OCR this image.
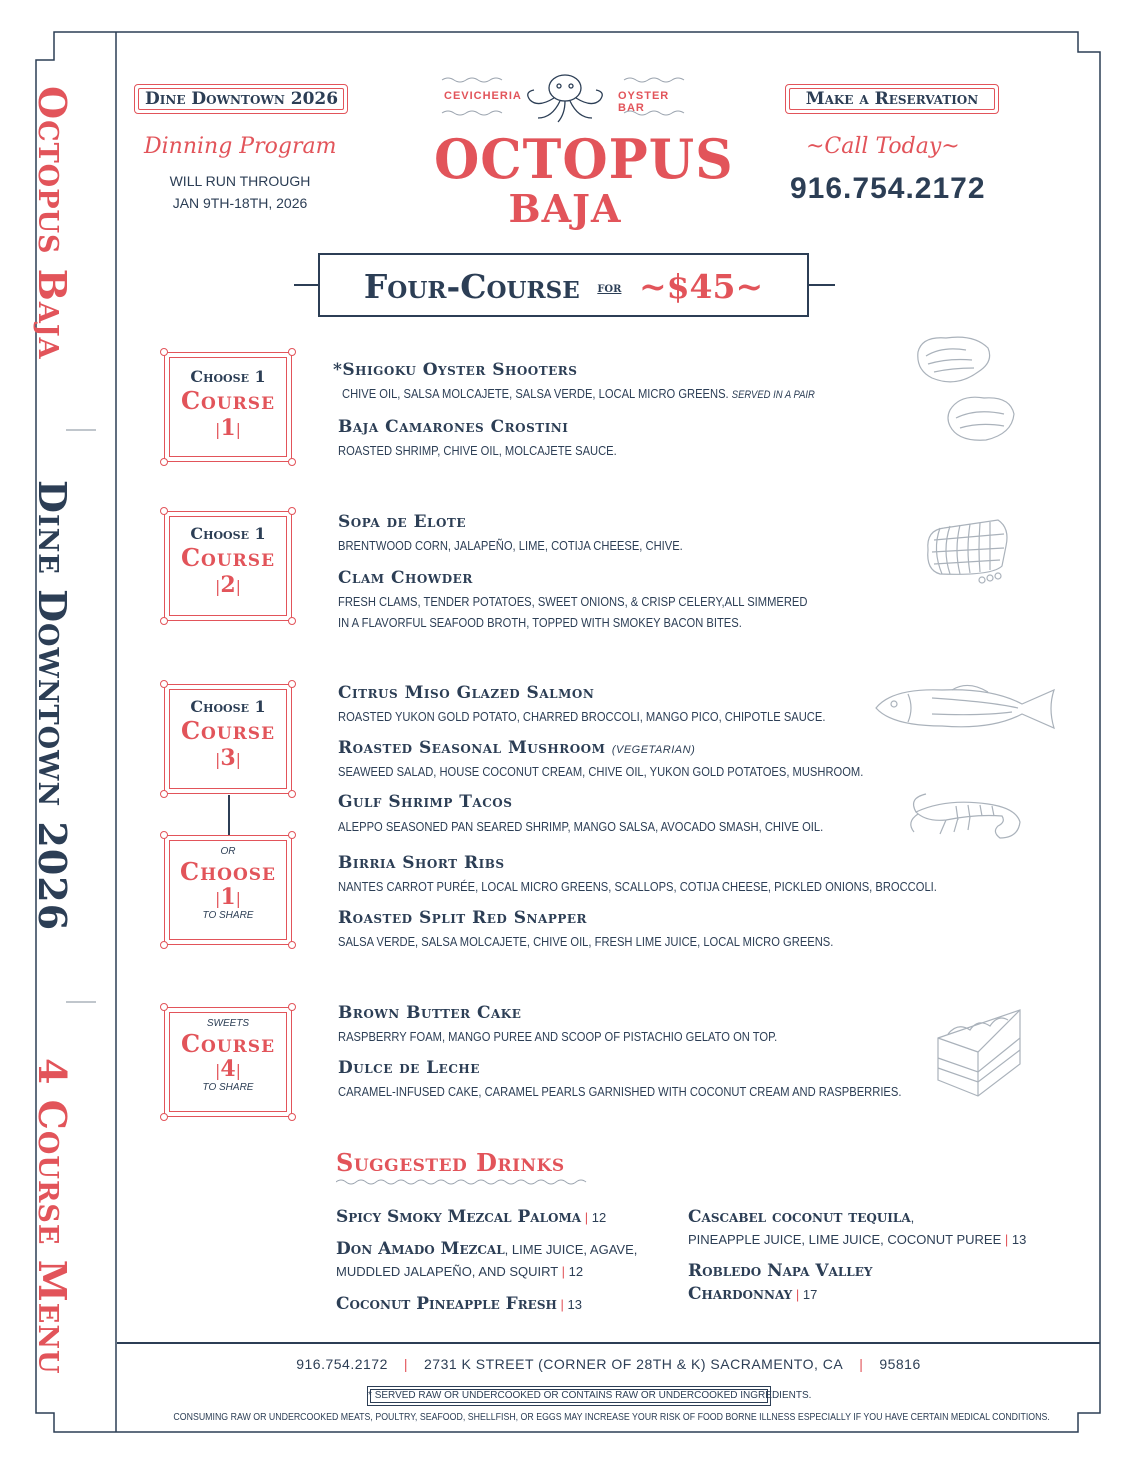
Octopus Baja
Dine Downtown 2026
4 Course Menu
Dine Downtown 2026
Dinning Program
WILL RUN THROUGH
JAN 9TH-18TH, 2026
CEVICHERIA	OYSTER BAR
OCTOPUS
BAJA
Make a Reservation
~Call Today~
916.754.2172
Four-Course FOR ~$45~
Choose 1
Course
|1|
Choose 1
Course
|2|
Choose 1
Course
|3|
OR
Choose
|1|
TO SHARE
SWEETS
Course
|4|
TO SHARE
*Shigoku Oyster Shooters
CHIVE OIL, SALSA MOLCAJETE, SALSA VERDE, LOCAL MICRO GREENS. SERVED IN A PAIR
Baja Camarones Crostini
ROASTED SHRIMP, CHIVE OIL, MOLCAJETE SAUCE.
Sopa de Elote
BRENTWOOD CORN, JALAPEÑO, LIME, COTIJA CHEESE, CHIVE.
Clam Chowder
FRESH CLAMS, TENDER POTATOES, SWEET ONIONS, & CRISP CELERY,ALL SIMMERED
IN A FLAVORFUL SEAFOOD BROTH, TOPPED WITH SMOKEY BACON BITES.
Citrus Miso Glazed Salmon
ROASTED YUKON GOLD POTATO, CHARRED BROCCOLI, MANGO PICO, CHIPOTLE SAUCE.
Roasted Seasonal Mushroom (VEGETARIAN)
SEAWEED SALAD, HOUSE COCONUT CREAM, CHIVE OIL, YUKON GOLD POTATOES, MUSHROOM.
Gulf Shrimp Tacos
ALEPPO SEASONED PAN SEARED SHRIMP, MANGO SALSA, AVOCADO SMASH, CHIVE OIL.
Birria Short Ribs
NANTES CARROT PURÉE, LOCAL MICRO GREENS, SCALLOPS, COTIJA CHEESE, PICKLED ONIONS, BROCCOLI.
Roasted Split Red Snapper
SALSA VERDE, SALSA MOLCAJETE, CHIVE OIL, FRESH LIME JUICE, LOCAL MICRO GREENS.
Brown Butter Cake
RASPBERRY FOAM, MANGO PUREE AND SCOOP OF PISTACHIO GELATO ON TOP.
Dulce de Leche
CARAMEL-INFUSED CAKE, CARAMEL PEARLS GARNISHED WITH COCONUT CREAM AND RASPBERRIES.
Suggested Drinks
Spicy Smoky Mezcal Paloma | 12
Don Amado Mezcal, LIME JUICE, AGAVE,
MUDDLED JALAPEÑO, AND SQUIRT | 12
Coconut Pineapple Fresh | 13
Cascabel coconut tequila,
PINEAPPLE JUICE, LIME JUICE, COCONUT PUREE | 13
Robledo Napa Valley
Chardonnay | 17
916.754.2172 | 2731 K STREET (CORNER OF 28TH & K) SACRAMENTO, CA | 95816
* SERVED RAW OR UNDERCOOKED OR CONTAINS RAW OR UNDERCOOKED INGREDIENTS.
CONSUMING RAW OR UNDERCOOKED MEATS, POULTRY, SEAFOOD, SHELLFISH, OR EGGS MAY INCREASE YOUR RISK OF FOOD BORNE ILLNESS ESPECIALLY IF YOU HAVE CERTAIN MEDICAL CONDITIONS.
